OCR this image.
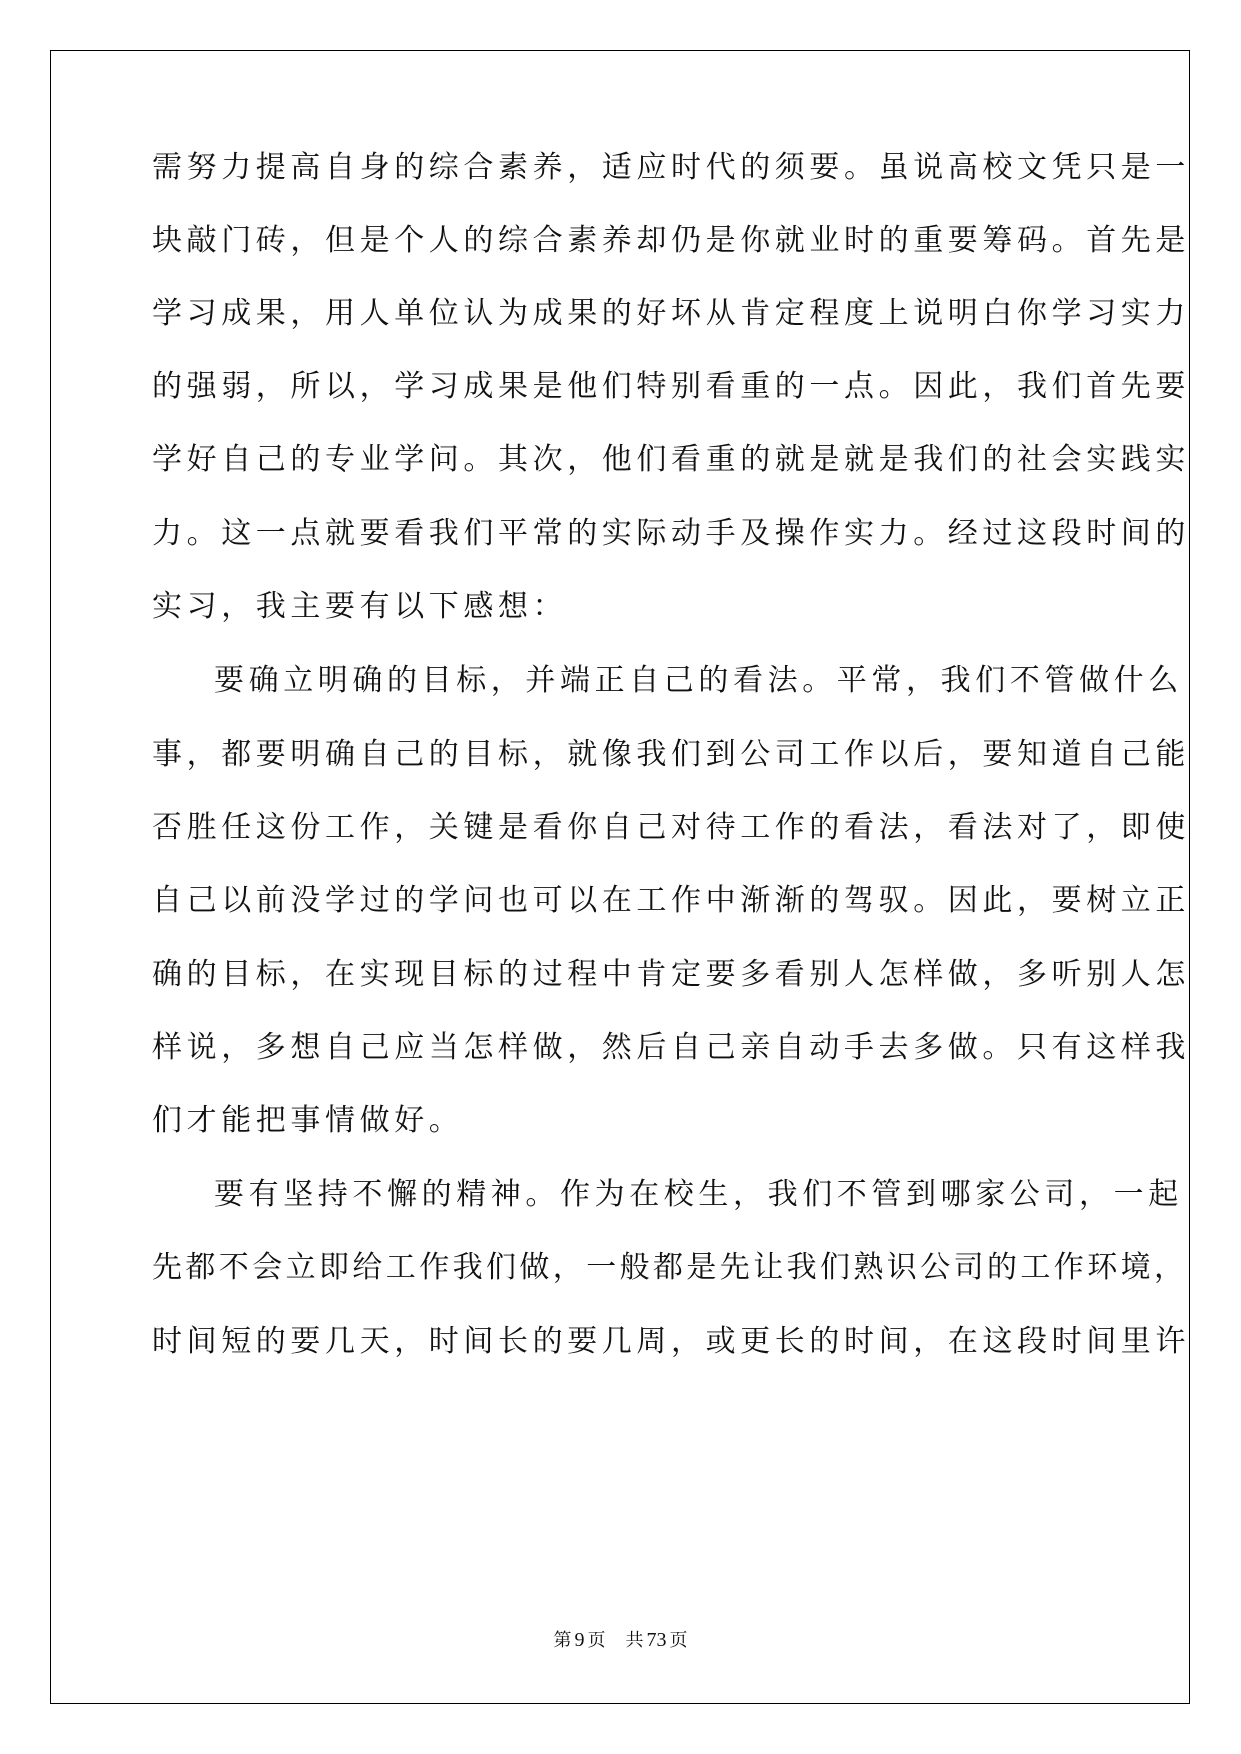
需努力提高自身的综合素养，适应时代的须要。虽说高校文凭只是一
块敲门砖，但是个人的综合素养却仍是你就业时的重要筹码。首先是
学习成果，用人单位认为成果的好坏从肯定程度上说明白你学习实力
的强弱，所以，学习成果是他们特别看重的一点。因此，我们首先要
学好自己的专业学问。其次，他们看重的就是就是我们的社会实践实
力。这一点就要看我们平常的实际动手及操作实力。经过这段时间的
实习，我主要有以下感想：
要确立明确的目标，并端正自己的看法。平常，我们不管做什么
事，都要明确自己的目标，就像我们到公司工作以后，要知道自己能
否胜任这份工作，关键是看你自己对待工作的看法，看法对了，即使
自己以前没学过的学问也可以在工作中渐渐的驾驭。因此，要树立正
确的目标，在实现目标的过程中肯定要多看别人怎样做，多听别人怎
样说，多想自己应当怎样做，然后自己亲自动手去多做。只有这样我
们才能把事情做好。
要有坚持不懈的精神。作为在校生，我们不管到哪家公司，一起
先都不会立即给工作我们做，一般都是先让我们熟识公司的工作环境，
时间短的要几天，时间长的要几周，或更长的时间，在这段时间里许
第 9 页 共 73 页
